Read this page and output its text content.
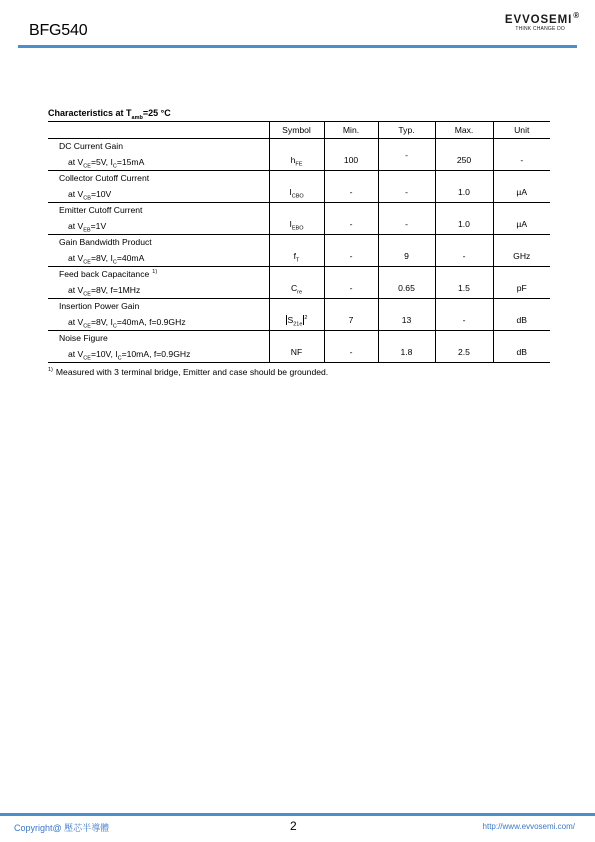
BFG540
EVVOSEMI®
THINK CHANGE DO
Characteristics at $T_{amb}=25$ °C
	Symbol	Min.	Typ.	Max.	Unit

DC Current Gain
at $V_{CE}=5V$, $I_C=15mA$	$h_{FE}$	100	-	250	-

Collector Cutoff Current
at $V_{CB}=10V$	$I_{CBO}$	-	-	1.0	µA

Emitter Cutoff Current
at $V_{EB}=1V$	$I_{EBO}$	-	-	1.0	µA

Gain Bandwidth Product
at $V_{CE}=8V$, $I_C=40mA$	$f_T$	-	9	-	GHz

Feed back Capacitance $^{1)}$
at $V_{CE}=8V$, f=1MHz	$C_{re}$	-	0.65	1.5	pF

Insertion Power Gain
at $V_{CE}=8V$, $I_C=40mA$, f=0.9GHz	$S_{21e}^2$	7	13	-	dB

Noise Figure
at $V_{CE}=10V$, $I_C=10mA$, f=0.9GHz	NF	-	1.8	2.5	dB
$^{1)}$ Measured with 3 terminal bridge, Emitter and case should be grounded.
Copyright@ 壓芯半導體	2	http://www.evvosemi.com/
